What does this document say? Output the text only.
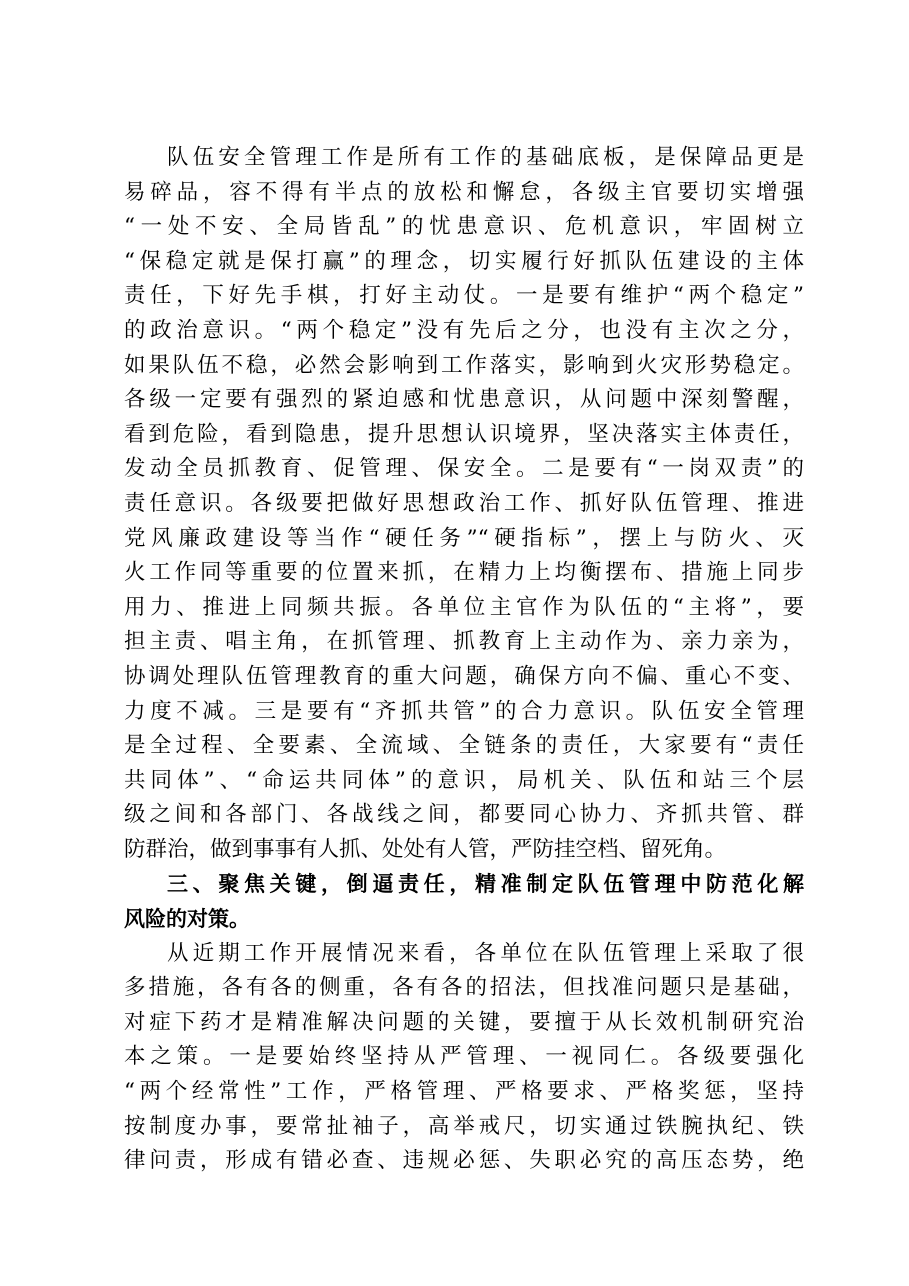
队伍安全管理工作是所有工作的基础底板，是保障品更是
易碎品，容不得有半点的放松和懈怠，各级主官要切实增强
“一处不安、全局皆乱”的忧患意识、危机意识，牢固树立
“保稳定就是保打赢”的理念，切实履行好抓队伍建设的主体
责任，下好先手棋，打好主动仗。一是要有维护“两个稳定”
的政治意识。“两个稳定”没有先后之分，也没有主次之分，
如果队伍不稳，必然会影响到工作落实，影响到火灾形势稳定。
各级一定要有强烈的紧迫感和忧患意识，从问题中深刻警醒，
看到危险，看到隐患，提升思想认识境界，坚决落实主体责任，
发动全员抓教育、促管理、保安全。二是要有“一岗双责”的
责任意识。各级要把做好思想政治工作、抓好队伍管理、推进
党风廉政建设等当作“硬任务”“硬指标”，摆上与防火、灭
火工作同等重要的位置来抓，在精力上均衡摆布、措施上同步
用力、推进上同频共振。各单位主官作为队伍的“主将”，要
担主责、唱主角，在抓管理、抓教育上主动作为、亲力亲为，
协调处理队伍管理教育的重大问题，确保方向不偏、重心不变、
力度不减。三是要有“齐抓共管”的合力意识。队伍安全管理
是全过程、全要素、全流域、全链条的责任，大家要有“责任
共同体”、“命运共同体”的意识，局机关、队伍和站三个层
级之间和各部门、各战线之间，都要同心协力、齐抓共管、群
防群治，做到事事有人抓、处处有人管，严防挂空档、留死角。
三、聚焦关键，倒逼责任，精准制定队伍管理中防范化解
风险的对策。
从近期工作开展情况来看，各单位在队伍管理上采取了很
多措施，各有各的侧重，各有各的招法，但找准问题只是基础，
对症下药才是精准解决问题的关键，要擅于从长效机制研究治
本之策。一是要始终坚持从严管理、一视同仁。各级要强化
“两个经常性”工作，严格管理、严格要求、严格奖惩，坚持
按制度办事，要常扯袖子，高举戒尺，切实通过铁腕执纪、铁
律问责，形成有错必查、违规必惩、失职必究的高压态势，绝
